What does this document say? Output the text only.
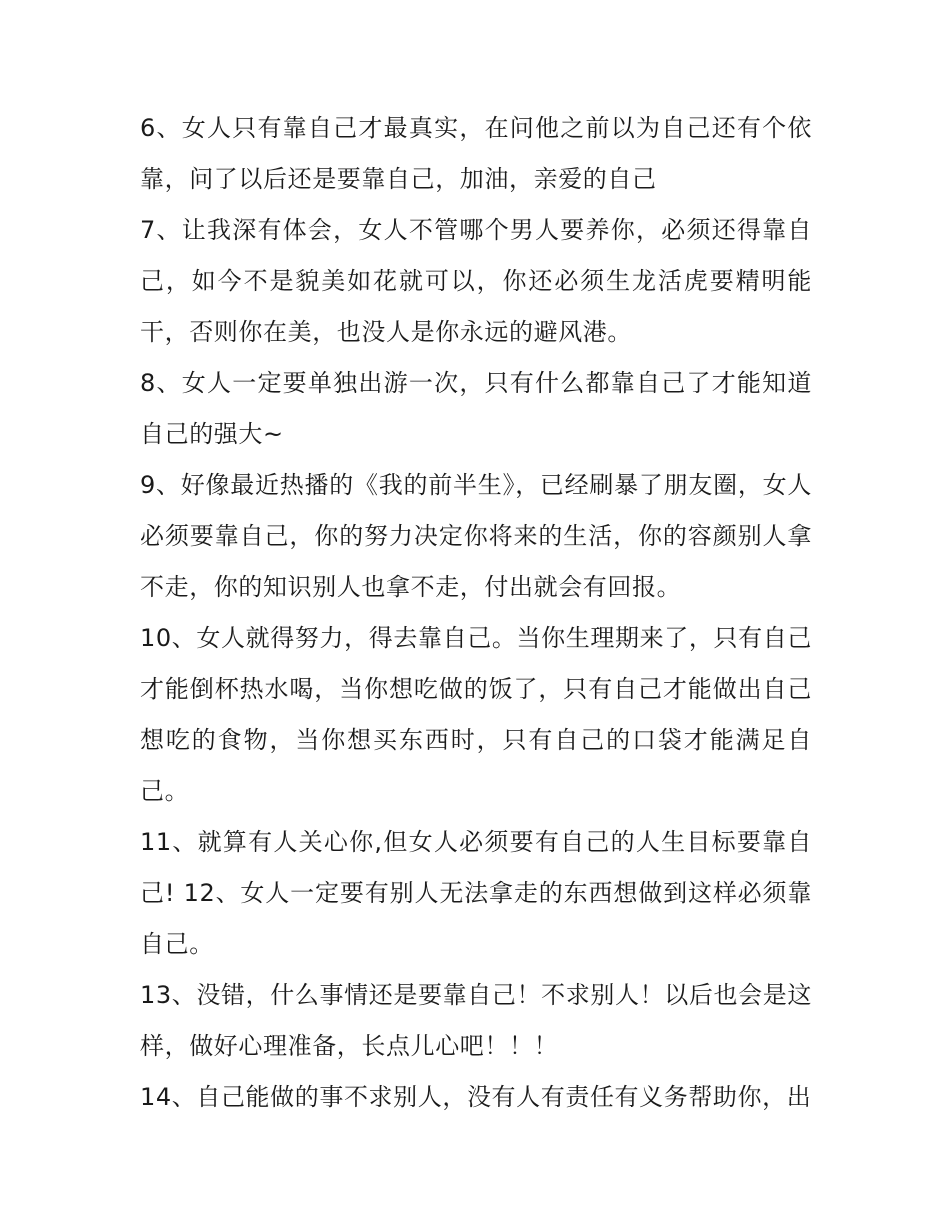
6、女人只有靠自己才最真实，在问他之前以为自己还有个依靠，问了以后还是要靠自己，加油，亲爱的自己

7、让我深有体会，女人不管哪个男人要养你，必须还得靠自己，如今不是貌美如花就可以，你还必须生龙活虎要精明能干，否则你在美，也没人是你永远的避风港。

8、女人一定要单独出游一次，只有什么都靠自己了才能知道自己的强大~

9、好像最近热播的《我的前半生》，已经刷暴了朋友圈，女人必须要靠自己，你的努力决定你将来的生活，你的容颜别人拿不走，你的知识别人也拿不走，付出就会有回报。

10、女人就得努力，得去靠自己。当你生理期来了，只有自己才能倒杯热水喝，当你想吃做的饭了，只有自己才能做出自己想吃的食物，当你想买东西时，只有自己的口袋才能满足自己。

11、就算有人关心你,但女人必须要有自己的人生目标要靠自己! 12、女人一定要有别人无法拿走的东西想做到这样必须靠自己。

13、没错，什么事情还是要靠自己！不求别人！以后也会是这样，做好心理准备，长点儿心吧！！！

14、自己能做的事不求别人，没有人有责任有义务帮助你，出
